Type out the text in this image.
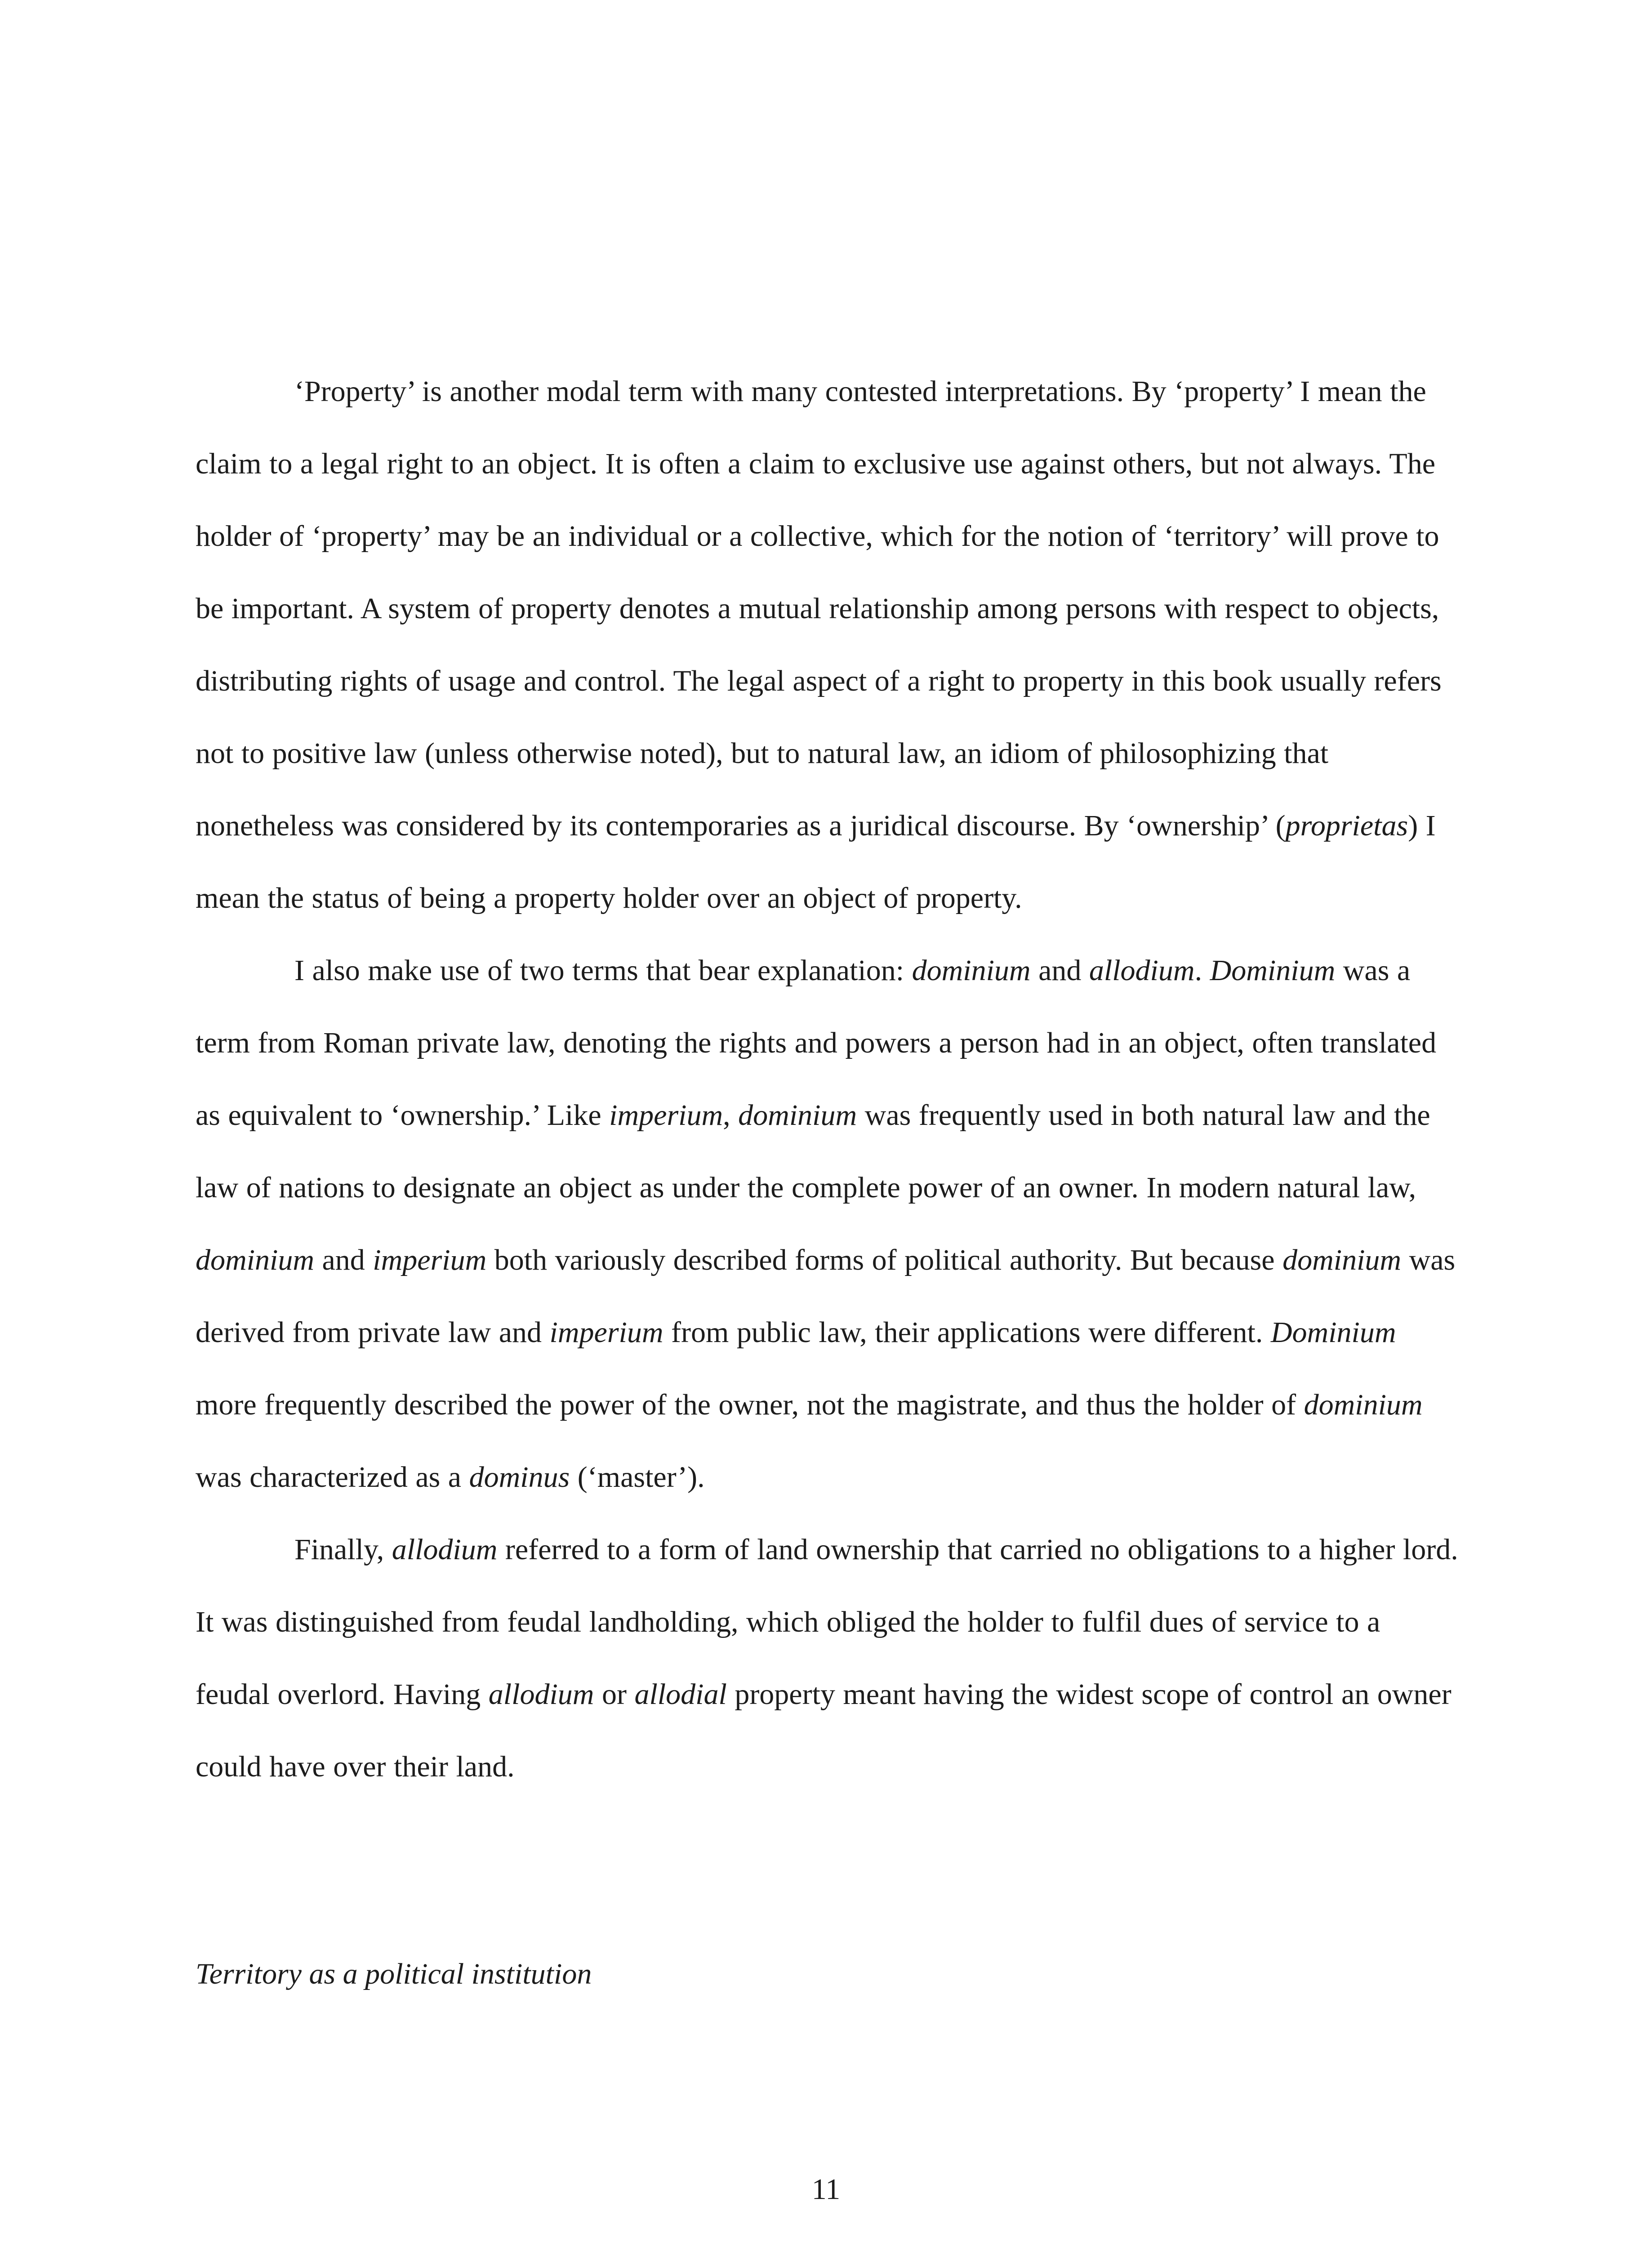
‘Property’ is another modal term with many contested interpretations. By ‘property’ I mean the claim to a legal right to an object. It is often a claim to exclusive use against others, but not always. The holder of ‘property’ may be an individual or a collective, which for the notion of ‘territory’ will prove to be important. A system of property denotes a mutual relationship among persons with respect to objects, distributing rights of usage and control. The legal aspect of a right to property in this book usually refers not to positive law (unless otherwise noted), but to natural law, an idiom of philosophizing that nonetheless was considered by its contemporaries as a juridical discourse. By ‘ownership’ (proprietas) I mean the status of being a property holder over an object of property.

I also make use of two terms that bear explanation: dominium and allodium. Dominium was a term from Roman private law, denoting the rights and powers a person had in an object, often translated as equivalent to ‘ownership.’ Like imperium, dominium was frequently used in both natural law and the law of nations to designate an object as under the complete power of an owner. In modern natural law, dominium and imperium both variously described forms of political authority. But because dominium was derived from private law and imperium from public law, their applications were different. Dominium more frequently described the power of the owner, not the magistrate, and thus the holder of dominium was characterized as a dominus (‘master’).

Finally, allodium referred to a form of land ownership that carried no obligations to a higher lord. It was distinguished from feudal landholding, which obliged the holder to fulfil dues of service to a feudal overlord. Having allodium or allodial property meant having the widest scope of control an owner could have over their land.

Territory as a political institution

11
